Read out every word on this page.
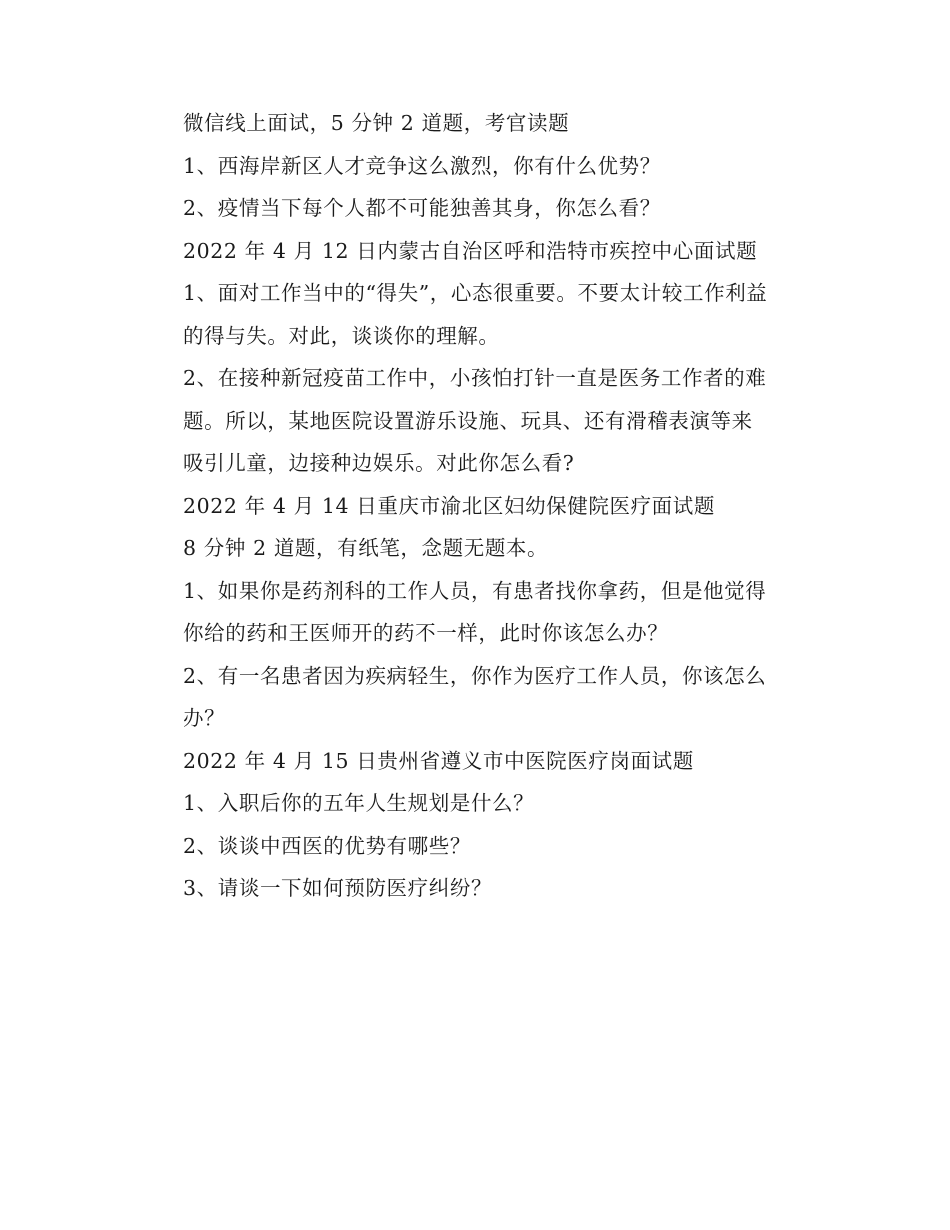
微信线上面试，5 分钟 2 道题，考官读题

1、西海岸新区人才竞争这么激烈，你有什么优势？

2、疫情当下每个人都不可能独善其身，你怎么看？

2022 年 4 月 12 日内蒙古自治区呼和浩特市疾控中心面试题

1、面对工作当中的“得失”，心态很重要。不要太计较工作利益的得与失。对此，谈谈你的理解。

2、在接种新冠疫苗工作中，小孩怕打针一直是医务工作者的难题。所以，某地医院设置游乐设施、玩具、还有滑稽表演等来吸引儿童，边接种边娱乐。对此你怎么看?

2022 年 4 月 14 日重庆市渝北区妇幼保健院医疗面试题

8 分钟 2 道题，有纸笔，念题无题本。

1、如果你是药剂科的工作人员，有患者找你拿药，但是他觉得你给的药和王医师开的药不一样，此时你该怎么办？

2、有一名患者因为疾病轻生，你作为医疗工作人员，你该怎么办？

2022 年 4 月 15 日贵州省遵义市中医院医疗岗面试题

1、入职后你的五年人生规划是什么？

2、谈谈中西医的优势有哪些？

3、请谈一下如何预防医疗纠纷？
